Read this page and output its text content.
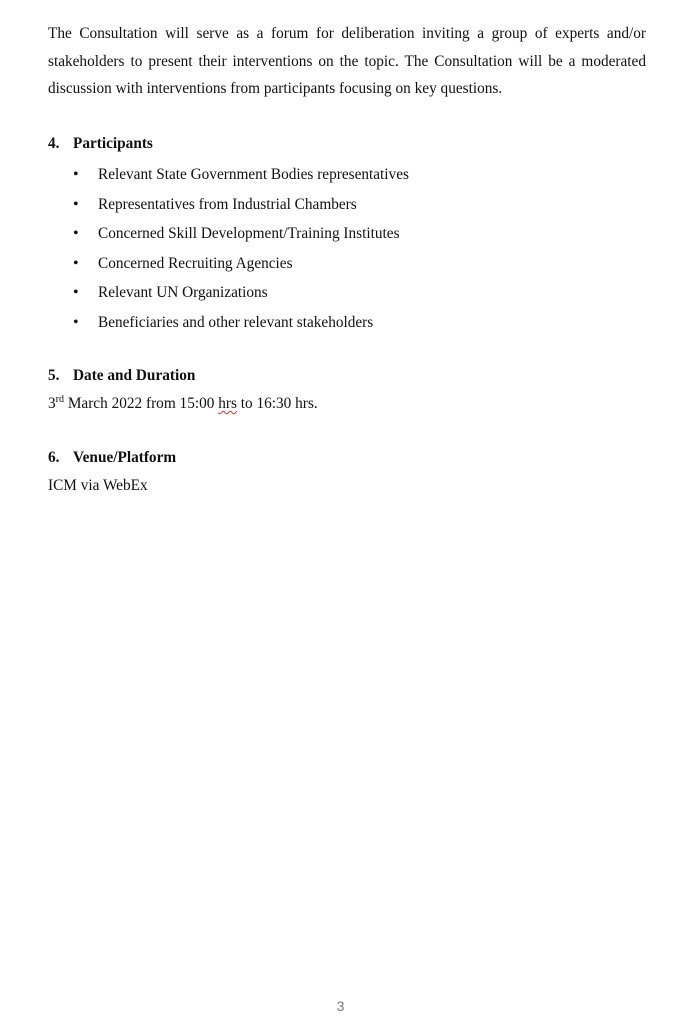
The Consultation will serve as a forum for deliberation inviting a group of experts and/or stakeholders to present their interventions on the topic. The Consultation will be a moderated discussion with interventions from participants focusing on key questions.

4. Participants
• Relevant State Government Bodies representatives
• Representatives from Industrial Chambers
• Concerned Skill Development/Training Institutes
• Concerned Recruiting Agencies
• Relevant UN Organizations
• Beneficiaries and other relevant stakeholders
5. Date and Duration

3rd March 2022 from 15:00 hrs to 16:30 hrs.

6. Venue/Platform

ICM via WebEx

3
